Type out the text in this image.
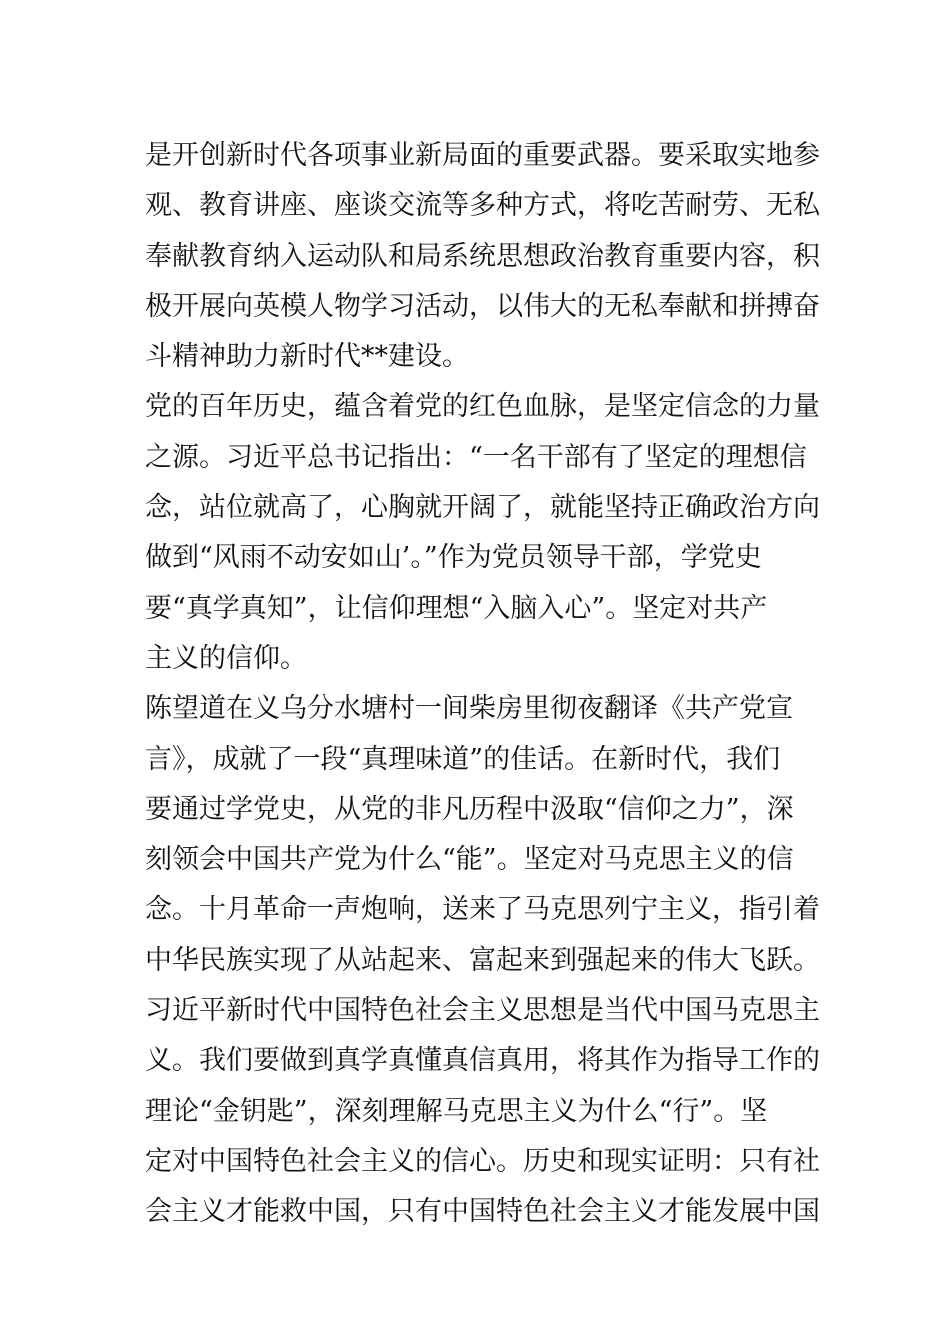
是开创新时代各项事业新局面的重要武器。要采取实地参
观、教育讲座、座谈交流等多种方式，将吃苦耐劳、无私
奉献教育纳入运动队和局系统思想政治教育重要内容，积
极开展向英模人物学习活动，以伟大的无私奉献和拼搏奋
斗精神助力新时代**建设。
党的百年历史，蕴含着党的红色血脉，是坚定信念的力量
之源。习近平总书记指出：“一名干部有了坚定的理想信
念，站位就高了，心胸就开阔了，就能坚持正确政治方向
做到“风雨不动安如山’。”作为党员领导干部，学党史
要“真学真知”，让信仰理想“入脑入心”。坚定对共产
主义的信仰。
陈望道在义乌分水塘村一间柴房里彻夜翻译《共产党宣
言》，成就了一段“真理味道”的佳话。在新时代，我们
要通过学党史，从党的非凡历程中汲取“信仰之力”，深
刻领会中国共产党为什么“能”。坚定对马克思主义的信
念。十月革命一声炮响，送来了马克思列宁主义，指引着
中华民族实现了从站起来、富起来到强起来的伟大飞跃。
习近平新时代中国特色社会主义思想是当代中国马克思主
义。我们要做到真学真懂真信真用，将其作为指导工作的
理论“金钥匙”，深刻理解马克思主义为什么“行”。坚
定对中国特色社会主义的信心。历史和现实证明：只有社
会主义才能救中国，只有中国特色社会主义才能发展中国
